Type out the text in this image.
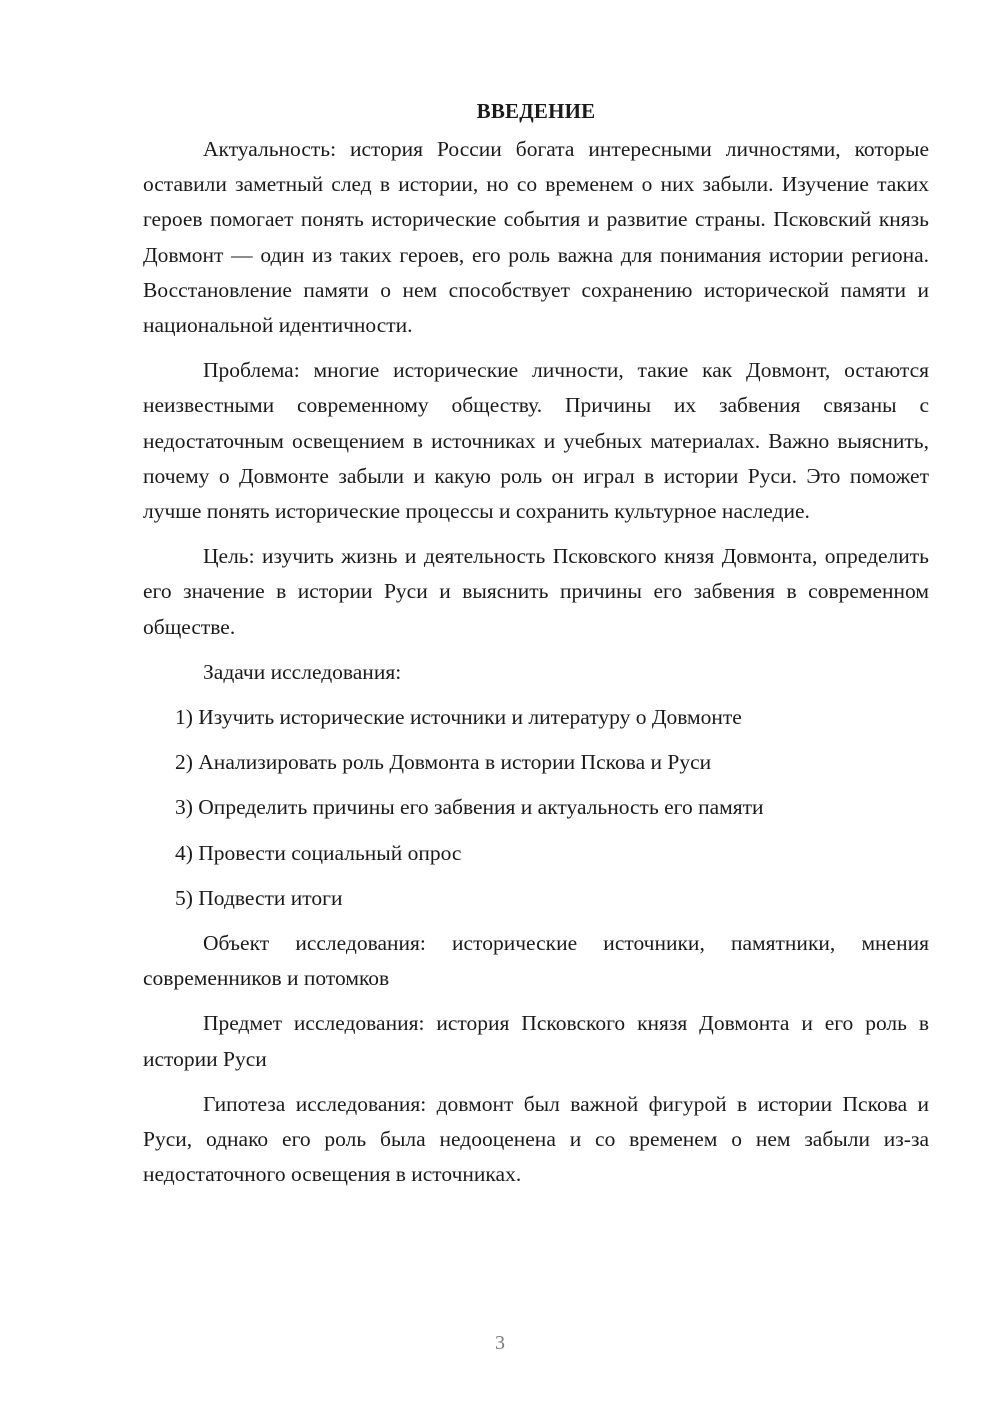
ВВЕДЕНИЕ

Актуальность: история России богата интересными личностями, которые оставили заметный след в истории, но со временем о них забыли. Изучение таких героев помогает понять исторические события и развитие страны. Псковский князь Довмонт — один из таких героев, его роль важна для понимания истории региона. Восстановление памяти о нем способствует сохранению исторической памяти и национальной идентичности.

Проблема: многие исторические личности, такие как Довмонт, остаются неизвестными современному обществу. Причины их забвения связаны с недостаточным освещением в источниках и учебных материалах. Важно выяснить, почему о Довмонте забыли и какую роль он играл в истории Руси. Это поможет лучше понять исторические процессы и сохранить культурное наследие.

Цель: изучить жизнь и деятельность Псковского князя Довмонта, определить его значение в истории Руси и выяснить причины его забвения в современном обществе.

Задачи исследования:

1) Изучить исторические источники и литературу о Довмонте
2) Анализировать роль Довмонта в истории Пскова и Руси
3) Определить причины его забвения и актуальность его памяти
4) Провести социальный опрос
5) Подвести итоги

Объект исследования: исторические источники, памятники, мнения современников и потомков

Предмет исследования: история Псковского князя Довмонта и его роль в истории Руси

Гипотеза исследования: довмонт был важной фигурой в истории Пскова и Руси, однако его роль была недооценена и со временем о нем забыли из-за недостаточного освещения в источниках.

3
